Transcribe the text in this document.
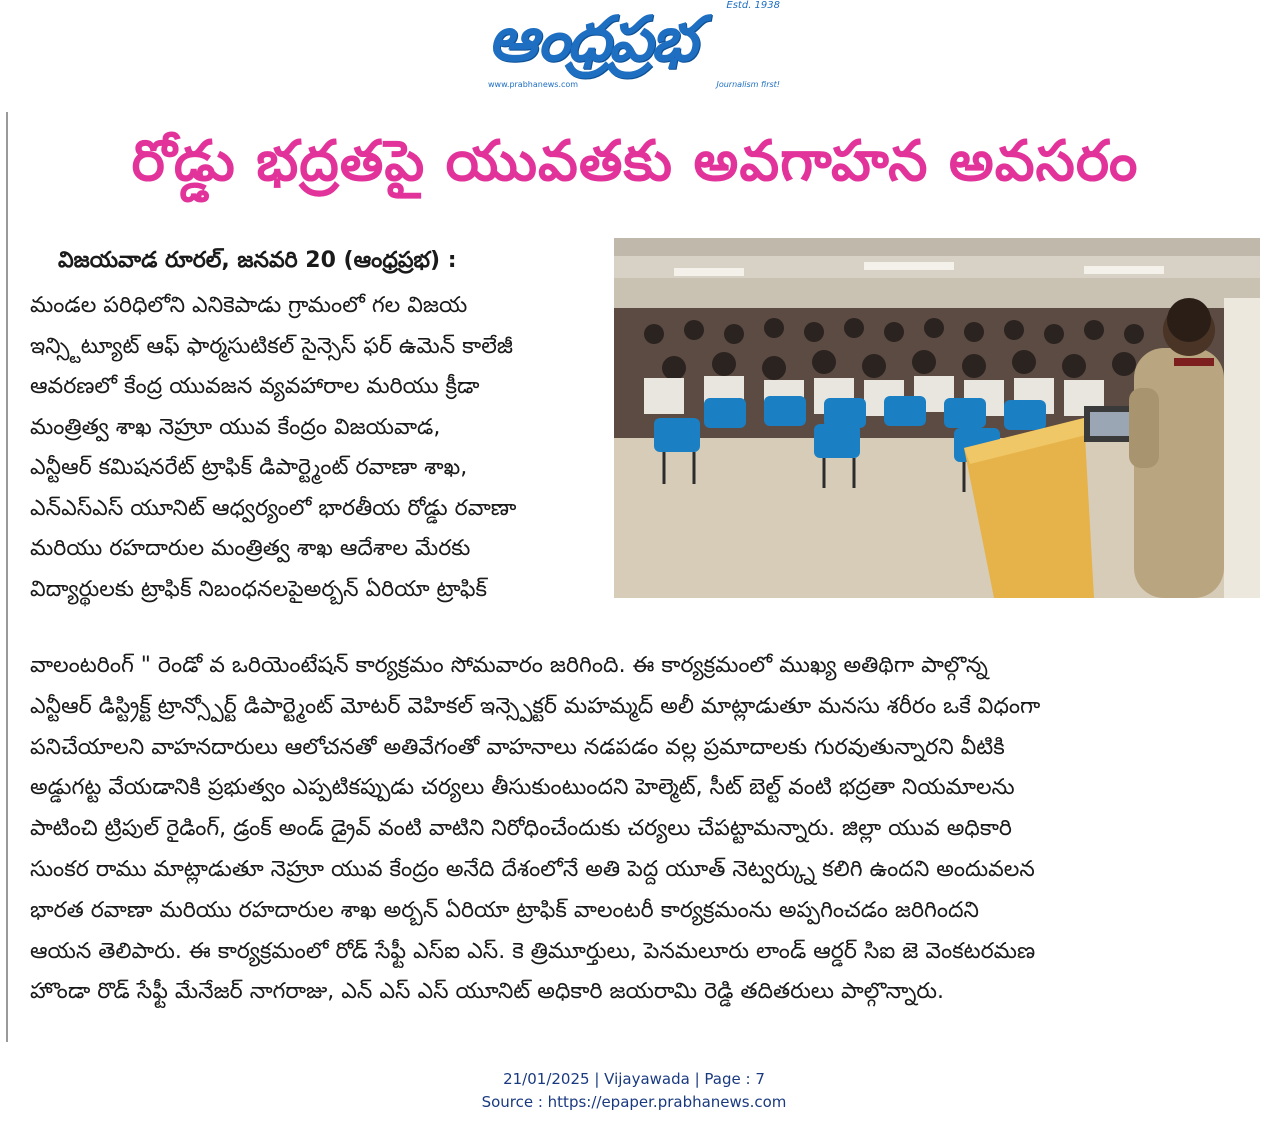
ఆంధ్రప్రభ	Estd. 1938
www.prabhanews.com	Journalism first!
రోడ్డు భద్రతపై యువతకు అవగాహన అవసరం
విజయవాడ రూరల్, జనవరి 20 (ఆంధ్రప్రభ) :
మండల పరిధిలోని ఎనికెపాడు గ్రామంలో గల విజయ
ఇన్స్టిట్యూట్ ఆఫ్ ఫార్మసుటికల్ సైన్సెస్ ఫర్ ఉమెన్ కాలేజీ
ఆవరణలో కేంద్ర యువజన వ్యవహారాల మరియు క్రీడా
మంత్రిత్వ శాఖ నెహ్రూ యువ కేంద్రం విజయవాడ,
ఎన్టీఆర్ కమిషనరేట్ ట్రాఫిక్ డిపార్ట్మెంట్ రవాణా శాఖ,
ఎన్ఎస్ఎస్ యూనిట్ ఆధ్వర్యంలో భారతీయ రోడ్డు రవాణా
మరియు రహదారుల మంత్రిత్వ శాఖ ఆదేశాల మేరకు
విద్యార్థులకు ట్రాఫిక్ నిబంధనలపైఅర్బన్ ఏరియా ట్రాఫిక్
వాలంటరింగ్ " రెండో వ ఒరియెంటేషన్ కార్యక్రమం సోమవారం జరిగింది. ఈ కార్యక్రమంలో ముఖ్య అతిథిగా పాల్గొన్న
ఎన్టీఆర్ డిస్ట్రిక్ట్ ట్రాన్స్పోర్ట్ డిపార్ట్మెంట్ మోటర్ వెహికల్ ఇన్స్పెక్టర్ మహమ్మద్ అలీ మాట్లాడుతూ మనసు శరీరం ఒకే విధంగా
పనిచేయాలని వాహనదారులు ఆలోచనతో అతివేగంతో వాహనాలు నడపడం వల్ల ప్రమాదాలకు గురవుతున్నారని వీటికి
అడ్డుగట్ట వేయడానికి ప్రభుత్వం ఎప్పటికప్పుడు చర్యలు తీసుకుంటుందని హెల్మెట్, సీట్ బెల్ట్ వంటి భద్రతా నియమాలను
పాటించి ట్రిపుల్ రైడింగ్, డ్రంక్ అండ్ డ్రైవ్ వంటి వాటిని నిరోధించేందుకు చర్యలు చేపట్టామన్నారు. జిల్లా యువ అధికారి
సుంకర రాము మాట్లాడుతూ నెహ్రూ యువ కేంద్రం అనేది దేశంలోనే అతి పెద్ద యూత్ నెట్వర్క్ను కలిగి ఉందని అందువలన
భారత రవాణా మరియు రహదారుల శాఖ అర్బన్ ఏరియా ట్రాఫిక్ వాలంటరీ కార్యక్రమంను అప్పగించడం జరిగిందని
ఆయన తెలిపారు. ఈ కార్యక్రమంలో రోడ్ సేఫ్టీ ఎస్ఐ ఎస్. కె త్రిమూర్తులు, పెనమలూరు లాండ్ ఆర్డర్ సిఐ జె వెంకటరమణ
హొండా రొడ్ సేఫ్టీ మేనేజర్ నాగరాజు, ఎన్ ఎస్ ఎస్ యూనిట్ అధికారి జయరామి రెడ్డి తదితరులు పాల్గొన్నారు.
21/01/2025 | Vijayawada | Page : 7
Source : https://epaper.prabhanews.com
